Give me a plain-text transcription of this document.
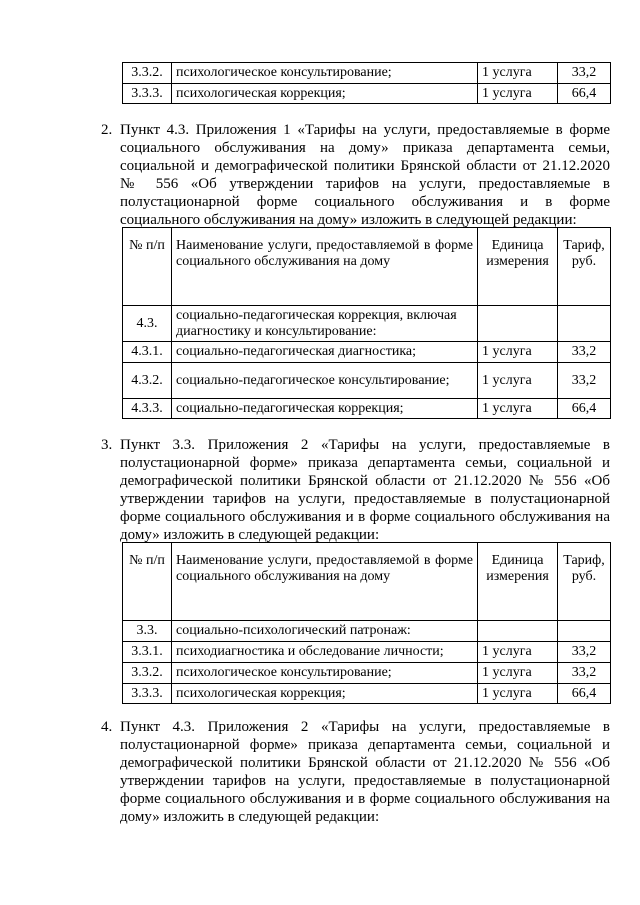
3.3.2.	психологическое консультирование;	1 услуга	33,2
3.3.3.	психологическая коррекция;	1 услуга	66,4
2. Пункт 4.3. Приложения 1 «Тарифы на услуги, предоставляемые в форме
социального обслуживания на дому» приказа департамента семьи,
социальной и демографической политики Брянской области от 21.12.2020
№ 556 «Об утверждении тарифов на услуги, предоставляемые в
полустационарной форме социального обслуживания и в форме
социального обслуживания на дому» изложить в следующей редакции:
№ п/п	Наименование услуги, предоставляемой в форме социального обслуживания на дому	Единица измерения	Тариф, руб.
4.3.	социально-педагогическая коррекция, включая диагностику и консультирование:		
4.3.1.	социально-педагогическая диагностика;	1 услуга	33,2
4.3.2.	социально-педагогическое консультирование;	1 услуга	33,2
4.3.3.	социально-педагогическая коррекция;	1 услуга	66,4
3. Пункт 3.3. Приложения 2 «Тарифы на услуги, предоставляемые в
полустационарной форме» приказа департамента семьи, социальной и
демографической политики Брянской области от 21.12.2020 № 556 «Об
утверждении тарифов на услуги, предоставляемые в полустационарной
форме социального обслуживания и в форме социального обслуживания на
дому» изложить в следующей редакции:
№ п/п	Наименование услуги, предоставляемой в форме социального обслуживания на дому	Единица измерения	Тариф, руб.
3.3.	социально-психологический патронаж:		
3.3.1.	психодиагностика и обследование личности;	1 услуга	33,2
3.3.2.	психологическое консультирование;	1 услуга	33,2
3.3.3.	психологическая коррекция;	1 услуга	66,4
4. Пункт 4.3. Приложения 2 «Тарифы на услуги, предоставляемые в
полустационарной форме» приказа департамента семьи, социальной и
демографической политики Брянской области от 21.12.2020 № 556 «Об
утверждении тарифов на услуги, предоставляемые в полустационарной
форме социального обслуживания и в форме социального обслуживания на
дому» изложить в следующей редакции:
